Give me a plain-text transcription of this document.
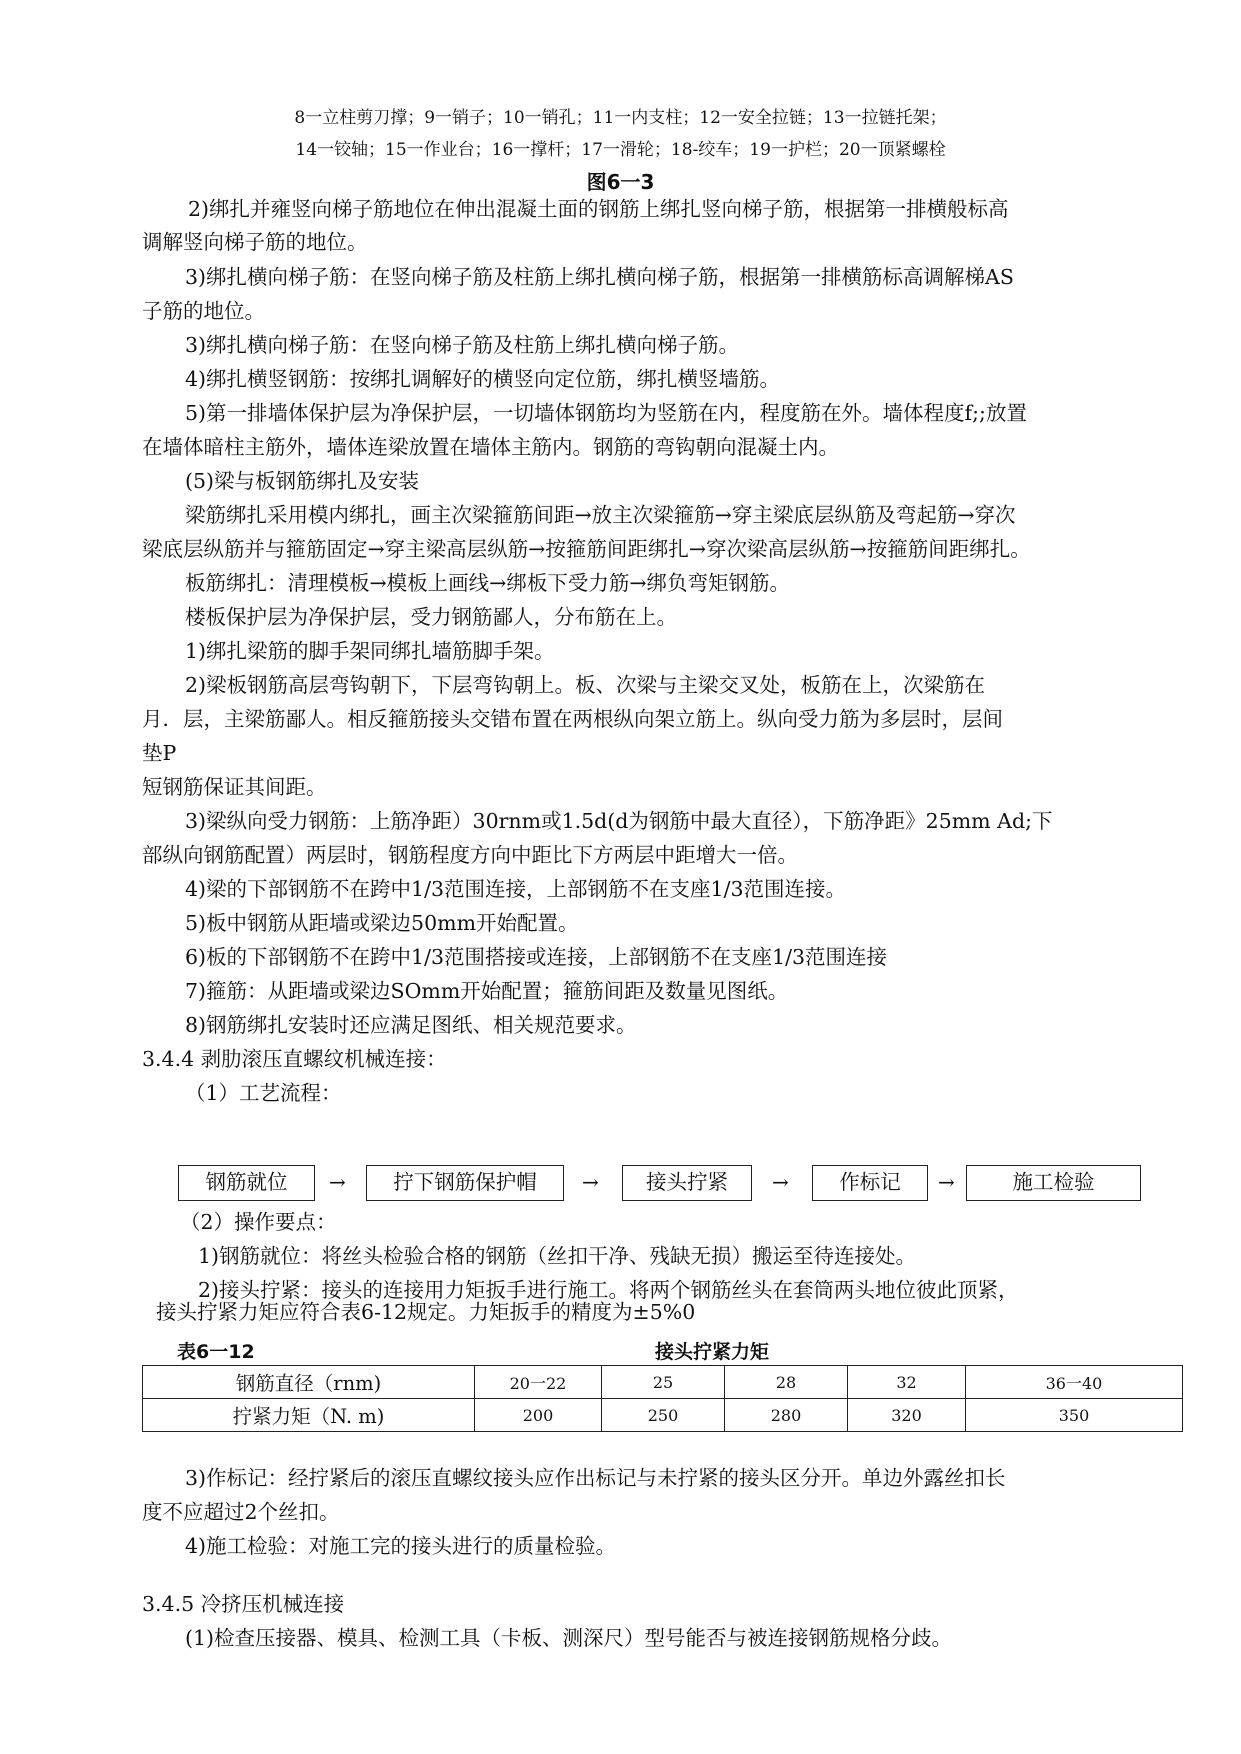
8一立柱剪刀撑；9一销子；10一销孔；11一内支柱；12一安全拉链；13一拉链托架；
14一铰轴；15一作业台；16一撑杆；17一滑轮；18-绞车；19一护栏；20一顶紧螺栓
图6一3
2)绑扎并雍竖向梯子筋地位在伸出混凝土面的钢筋上绑扎竖向梯子筋，根据第一排横般标高
调解竖向梯子筋的地位。
3)绑扎横向梯子筋：在竖向梯子筋及柱筋上绑扎横向梯子筋，根据第一排横筋标高调解梯AS
子筋的地位。
3)绑扎横向梯子筋：在竖向梯子筋及柱筋上绑扎横向梯子筋。
4)绑扎横竖钢筋：按绑扎调解好的横竖向定位筋，绑扎横竖墙筋。
5)第一排墙体保护层为净保护层，一切墙体钢筋均为竖筋在内，程度筋在外。墙体程度f;;放置
在墙体暗柱主筋外，墙体连梁放置在墙体主筋内。钢筋的弯钩朝向混凝土内。
(5)梁与板钢筋绑扎及安装
梁筋绑扎采用模内绑扎，画主次梁箍筋间距→放主次梁箍筋→穿主梁底层纵筋及弯起筋→穿次
梁底层纵筋并与箍筋固定→穿主梁高层纵筋→按箍筋间距绑扎→穿次梁高层纵筋→按箍筋间距绑扎。
板筋绑扎：清理模板→模板上画线→绑板下受力筋→绑负弯矩钢筋。
楼板保护层为净保护层，受力钢筋鄙人，分布筋在上。
1)绑扎梁筋的脚手架同绑扎墙筋脚手架。
2)梁板钢筋高层弯钩朝下，下层弯钩朝上。板、次梁与主梁交叉处，板筋在上，次梁筋在
月．层，主梁筋鄙人。相反箍筋接头交错布置在两根纵向架立筋上。纵向受力筋为多层时，层间
垫P
短钢筋保证其间距。
3)梁纵向受力钢筋：上筋净距）30rnm或1.5d(d为钢筋中最大直径），下筋净距》25mm Ad;下
部纵向钢筋配置）两层时，钢筋程度方向中距比下方两层中距增大一倍。
4)梁的下部钢筋不在跨中1/3范围连接，上部钢筋不在支座1/3范围连接。
5)板中钢筋从距墙或梁边50mm开始配置。
6)板的下部钢筋不在跨中1/3范围搭接或连接，上部钢筋不在支座1/3范围连接
7)箍筋：从距墙或梁边SOmm开始配置；箍筋间距及数量见图纸。
8)钢筋绑扎安装时还应满足图纸、相关规范要求。
3.4.4 剥肋滚压直螺纹机械连接：
（1）工艺流程：
钢筋就位	→	拧下钢筋保护帽	→	接头拧紧	→	作标记	→	施工检验
（2）操作要点：
1)钢筋就位：将丝头检验合格的钢筋（丝扣干净、残缺无损）搬运至待连接处。
2)接头拧紧：接头的连接用力矩扳手进行施工。将两个钢筋丝头在套筒两头地位彼此顶紧，
接头拧紧力矩应符合表6-12规定。力矩扳手的精度为±5%0
表6一12	接头拧紧力矩
钢筋直径（rnm)	20一22	25	28	32	36一40
拧紧力矩（N. m)	200	250	280	320	350
3)作标记：经拧紧后的滚压直螺纹接头应作出标记与未拧紧的接头区分开。单边外露丝扣长
度不应超过2个丝扣。
4)施工检验：对施工完的接头进行的质量检验。
3.4.5 冷挤压机械连接
(1)检查压接器、模具、检测工具（卡板、测深尺）型号能否与被连接钢筋规格分歧。
